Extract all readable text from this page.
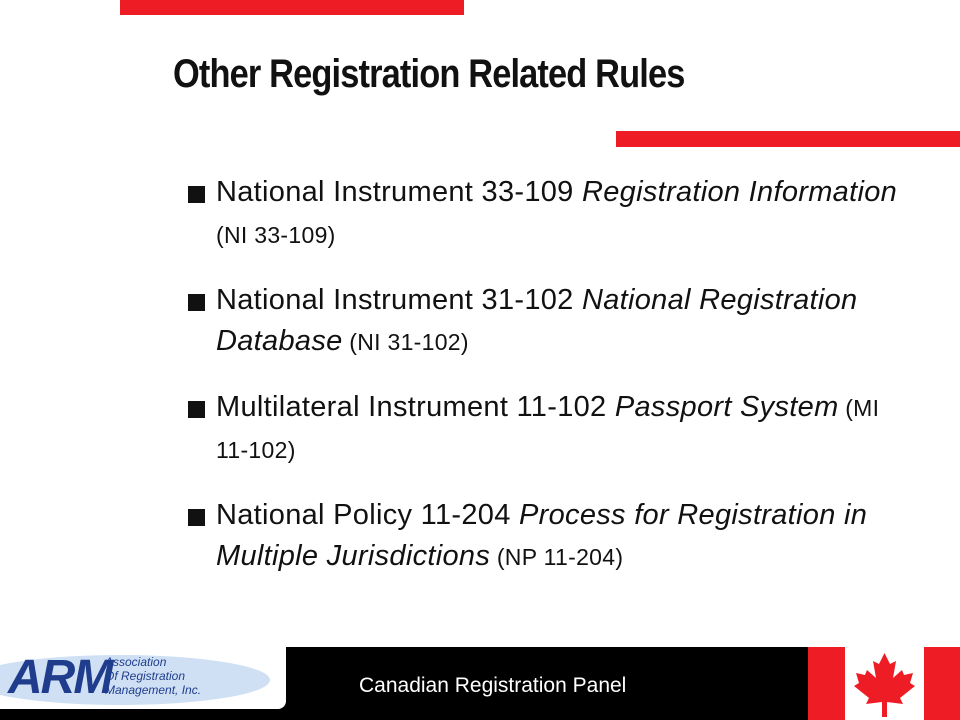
Other Registration Related Rules
National Instrument 33-109 Registration Information (NI 33-109)
National Instrument 31-102 National Registration Database (NI 31-102)
Multilateral Instrument 11-102 Passport System (MI 11-102)
National Policy 11-204 Process for Registration in Multiple Jurisdictions (NP 11-204)
ARM
Association
Of Registration
Management, Inc.	Canadian Registration Panel
